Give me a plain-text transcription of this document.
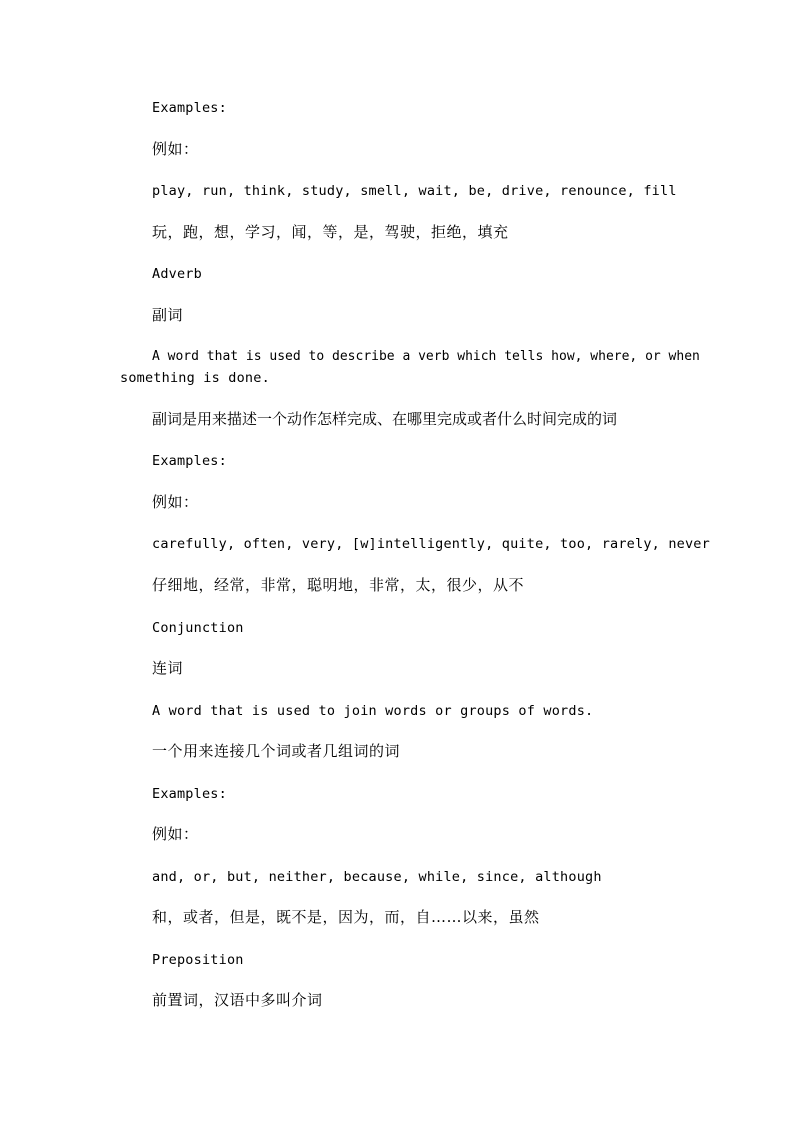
Examples:
例如：
play, run, think, study, smell, wait, be, drive, renounce, fill
玩，跑，想，学习，闻，等，是，驾驶，拒绝，填充
Adverb
副词
A word that is used to describe a verb which tells how, where, or when
something is done.
副词是用来描述一个动作怎样完成、在哪里完成或者什么时间完成的词
Examples:
例如：
carefully, often, very, [w]intelligently, quite, too, rarely, never
仔细地，经常，非常，聪明地，非常，太，很少，从不
Conjunction
连词
A word that is used to join words or groups of words.
一个用来连接几个词或者几组词的词
Examples:
例如：
and, or, but, neither, because, while, since, although
和，或者，但是，既不是，因为，而，自……以来，虽然
Preposition
前置词，汉语中多叫介词
